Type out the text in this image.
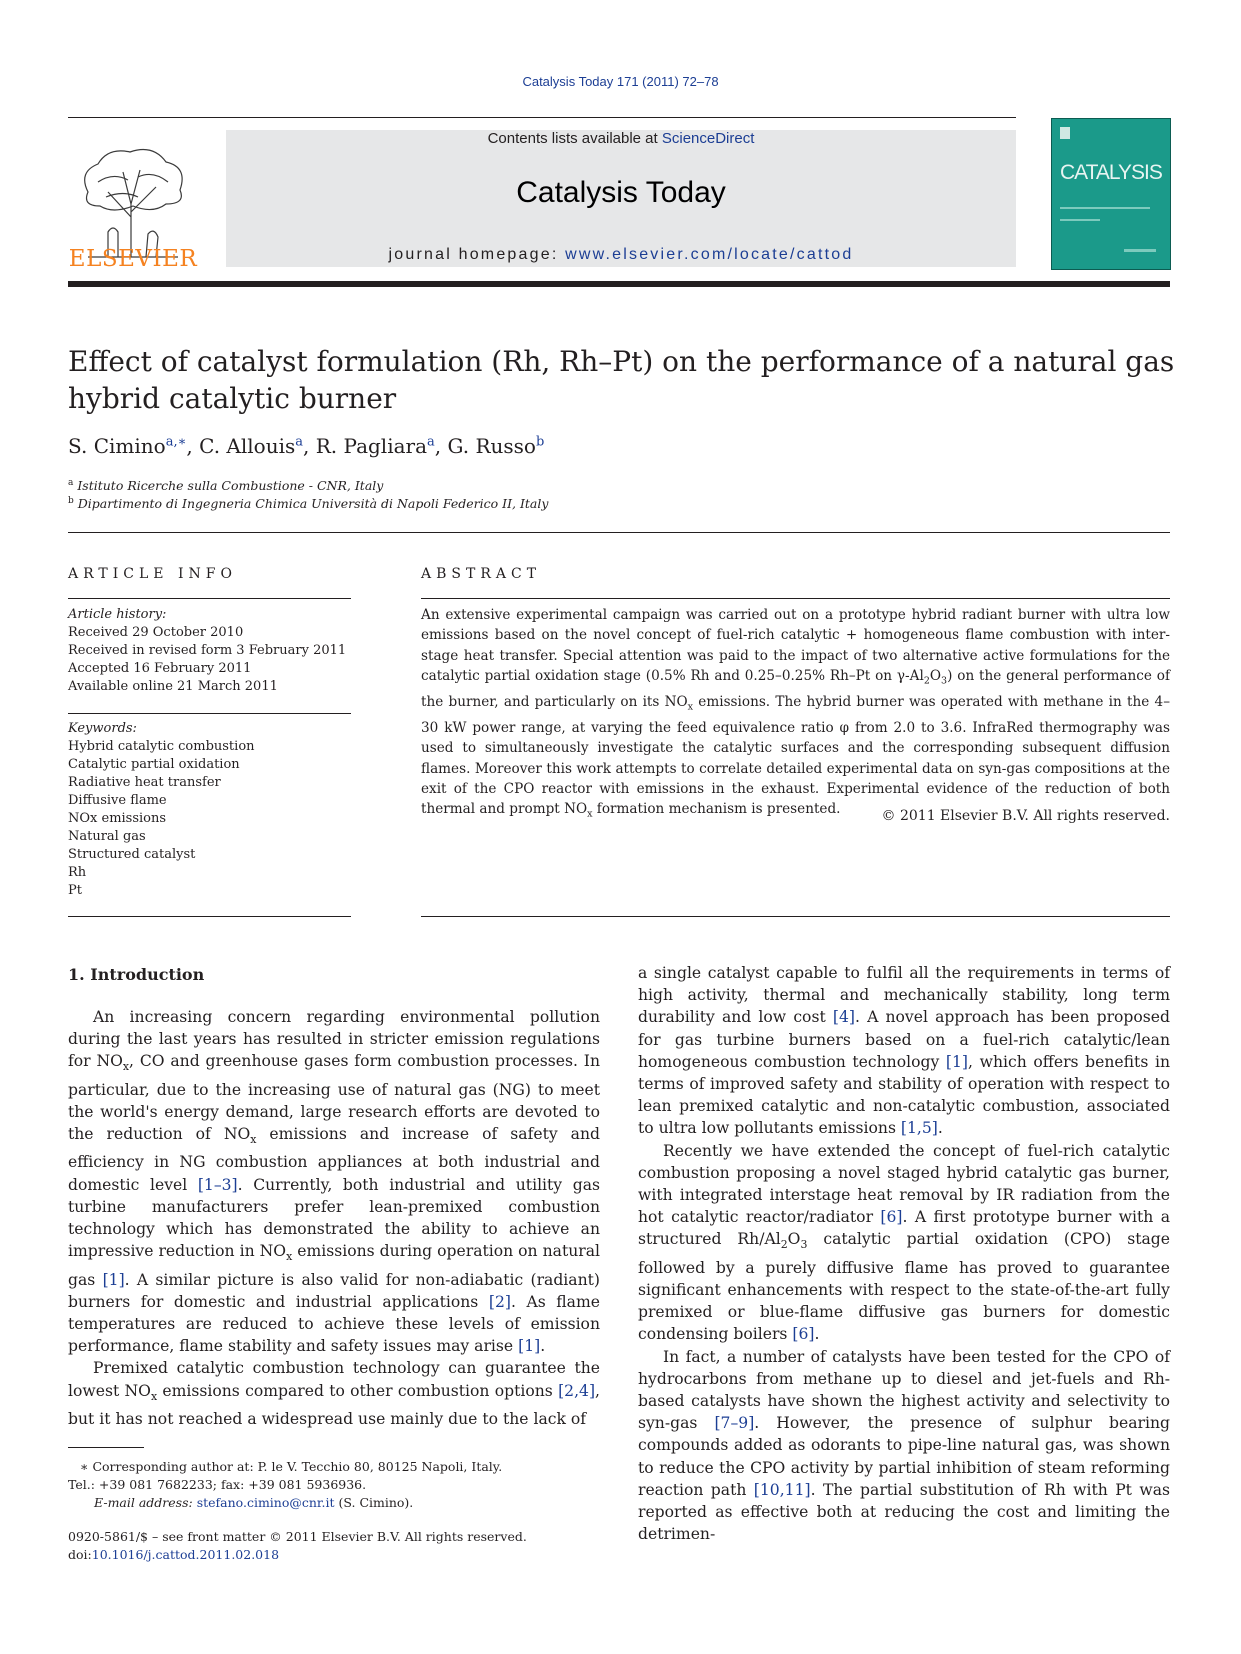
Catalysis Today 171 (2011) 72–78
ELSEVIER
Contents lists available at ScienceDirect
Catalysis Today
journal homepage: www.elsevier.com/locate/cattod
CATALYSIS
Effect of catalyst formulation (Rh, Rh–Pt) on the performance of a natural gas
hybrid catalytic burner
S. Cimino$^{a,∗}$, C. Allouis$^a$, R. Pagliara$^a$, G. Russo$^b$
$^a$ Istituto Ricerche sulla Combustione - CNR, Italy
$^b$ Dipartimento di Ingegneria Chimica Università di Napoli Federico II, Italy
ARTICLE INFO
Article history:
Received 29 October 2010
Received in revised form 3 February 2011
Accepted 16 February 2011
Available online 21 March 2011
Keywords:
Hybrid catalytic combustion
Catalytic partial oxidation
Radiative heat transfer
Diffusive flame
NOx emissions
Natural gas
Structured catalyst
Rh
Pt
ABSTRACT
An extensive experimental campaign was carried out on a prototype hybrid radiant burner with ultra low emissions based on the novel concept of fuel-rich catalytic + homogeneous flame combustion with inter-stage heat transfer. Special attention was paid to the impact of two alternative active formulations for the catalytic partial oxidation stage (0.5% Rh and 0.25–0.25% Rh–Pt on $\gamma-Al_2O_3$) on the general performance of the burner, and particularly on its $NO_x$ emissions. The hybrid burner was operated with methane in the 4–30 kW power range, at varying the feed equivalence ratio φ from 2.0 to 3.6. InfraRed thermography was used to simultaneously investigate the catalytic surfaces and the corresponding subsequent diffusion flames. Moreover this work attempts to correlate detailed experimental data on syn-gas compositions at the exit of the CPO reactor with emissions in the exhaust. Experimental evidence of the reduction of both thermal and prompt $NO_x$ formation mechanism is presented.	© 2011 Elsevier B.V. All rights reserved.
1. Introduction

An increasing concern regarding environmental pollution during the last years has resulted in stricter emission regulations for $NO_x$, CO and greenhouse gases form combustion processes. In particular, due to the increasing use of natural gas (NG) to meet the world's energy demand, large research efforts are devoted to the reduction of $NO_x$ emissions and increase of safety and efficiency in NG combustion appliances at both industrial and domestic level [1–3]. Currently, both industrial and utility gas turbine manufacturers prefer lean-premixed combustion technology which has demonstrated the ability to achieve an impressive reduction in $NO_x$ emissions during operation on natural gas [1]. A similar picture is also valid for non-adiabatic (radiant) burners for domestic and industrial applications [2]. As flame temperatures are reduced to achieve these levels of emission performance, flame stability and safety issues may arise [1].

Premixed catalytic combustion technology can guarantee the lowest $NO_x$ emissions compared to other combustion options [2,4], but it has not reached a widespread use mainly due to the lack of

a single catalyst capable to fulfil all the requirements in terms of high activity, thermal and mechanically stability, long term durability and low cost [4]. A novel approach has been proposed for gas turbine burners based on a fuel-rich catalytic/lean homogeneous combustion technology [1], which offers benefits in terms of improved safety and stability of operation with respect to lean premixed catalytic and non-catalytic combustion, associated to ultra low pollutants emissions [1,5].

Recently we have extended the concept of fuel-rich catalytic combustion proposing a novel staged hybrid catalytic gas burner, with integrated interstage heat removal by IR radiation from the hot catalytic reactor/radiator [6]. A first prototype burner with a structured $Rh/Al_2O_3$ catalytic partial oxidation (CPO) stage followed by a purely diffusive flame has proved to guarantee significant enhancements with respect to the state-of-the-art fully premixed or blue-flame diffusive gas burners for domestic condensing boilers [6].

In fact, a number of catalysts have been tested for the CPO of hydrocarbons from methane up to diesel and jet-fuels and Rh-based catalysts have shown the highest activity and selectivity to syn-gas [7–9]. However, the presence of sulphur bearing compounds added as odorants to pipe-line natural gas, was shown to reduce the CPO activity by partial inhibition of steam reforming reaction path [10,11]. The partial substitution of Rh with Pt was reported as effective both at reducing the cost and limiting the detrimen-

∗ Corresponding author at: P. le V. Tecchio 80, 80125 Napoli, Italy.
Tel.: +39 081 7682233; fax: +39 081 5936936.
E-mail address: stefano.cimino@cnr.it (S. Cimino).
0920-5861/$ – see front matter © 2011 Elsevier B.V. All rights reserved.
doi:10.1016/j.cattod.2011.02.018
